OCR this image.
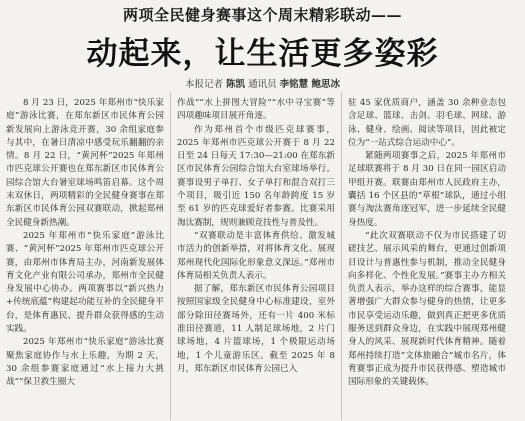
两项全民健身赛事这个周末精彩联动——
动起来，让生活更多姿彩
本报记者 陈凯 通讯员 李铭慧 鲍思冰

8 月 23 日，2025 年郑州市“快乐家庭”游泳比赛，在郑东新区市民体育公园新发展向上游泳竞开赛，30 余组家庭参与其中，在暑日清凉中感受玩乐翻翻的亲情。8 月 22 日，“黄河杯”2025 年郑州市匹克球公开赛也在郑东新区市民体育公园综合馆大台暑室球场鸣笛启幕。这个周末双休日，两项精彩的全民健身赛事在郑东新区市民体育公园双赛联动，掀起郑州全民健身新热潮。

2025 年郑州市“快乐家庭”游泳比赛、“黄河杯”2025 年郑州市匹克球公开赛，由郑州市体育局主办，河南新发展体育文化产业有限公司承办，郑州市全民健身发展中心协办。两项赛事以“新兴热力+传统底蕴”构建起功能互补的全民健身平台，是体育惠民、提升群众获得感的生动实践。

2025 年郑州市“快乐家庭”游泳比赛聚焦家庭协作与水上乐趣，为期 2 天，30 余组参赛家庭通过“水上接力大挑战”“保卫救生圈大

作战”“水上拼图大冒险”“水中寻宝赛”等四项趣味项目展开角逐。

作为郑州首个市级匹克球赛事，2025 年郑州市匹克球公开赛于 8 月 22 日至 24 日每天 17:30—21:00 在郑东新区市民体育公园综合馆大台室球场举行。赛事设男子单打、女子单打和混合双打三个项目，吸引近 150 名年龄跨度 15 岁至 61 岁的匹克球爱好者参赛。比赛采用淘汰赛制，规则兼顾竞技性与普及性。

“双赛联动是丰富体育供给、激发城市活力的创新举措，对将体育文化、展现郑州现代化国际化形象意义深远。”郑州市体育局相关负责人表示。

据了解，郑东新区市民体育公园项目按照国家级全民健身中心标准建设，室外部分除田径赛场外，还有一片 400 米标准田径赛道，11 人制足球场地，2 片门球场地，4 片篮球场，1 个极限运动场地，1 个儿童游乐区。截至 2025 年 8 月，郑东新区市民体育公园已入

驻 45 家优质商户，涵盖 30 余种业态包含足球、篮球、击剑、羽毛球、网球、游泳、健身、绘画、阅读等项目，因此被定位为“一站式综合运动中心”。

紧随两项赛事之后，2025 年郑州市足球联赛将于 8 月 30 日在同一园区启动甲组开赛。联赛由郑州市人民政府主办，囊括 16 个区县的“草根”球队，通过小组赛与淘汰赛角逐冠军，进一步延续全民健身热度。

“此次双赛联动不仅为市民搭建了切磋技艺、展示风采的舞台，更通过创新项目设计与普惠性参与机制，推动全民健身向多样化、个性化发展。”赛事主办方相关负责人表示，举办这样的综合赛事，能显著增强广大群众参与健身的热情，让更多市民享受运动乐趣，做到真正把更多优质服务送到群众身边，在实践中展现郑州健身人的风采、展现新时代体育精神。随着郑州持续打造“文体旅融合”城市名片，体育赛事正成为提升市民获得感、塑造城市国际形象的关键载体。
